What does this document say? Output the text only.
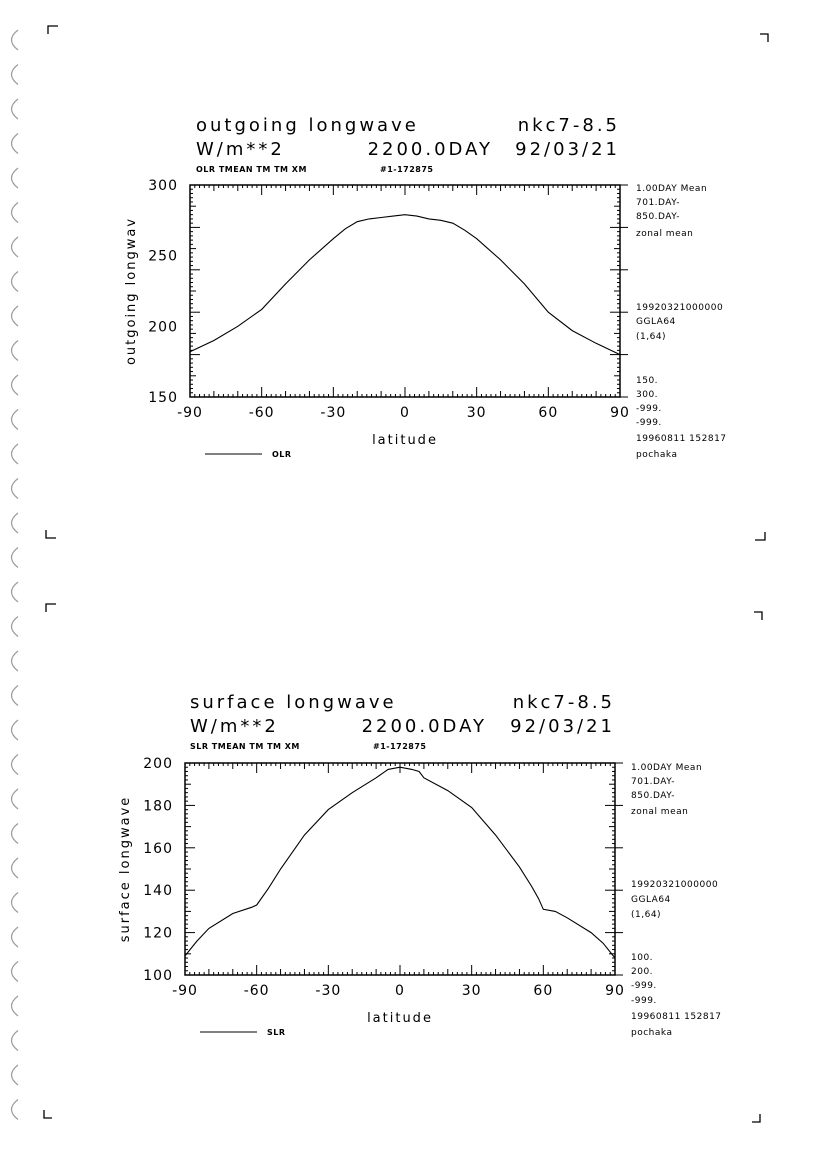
outgoing longwave	nkc7-8.5
W/m**2	2200.0DAY 92/03/21
OLR TMEAN TM TM XM	#1-172875
-90	-60	-30	0	30	60	90
150
200
250
300
latitude
outgoing longwav
1.00DAY Mean
701.DAY-
850.DAY-
zonal mean
19920321000000
GGLA64
(1,64)
150.
300.
-999.
-999.
19960811 152817
pochaka
OLR
surface longwave	nkc7-8.5
W/m**2	2200.0DAY 92/03/21
SLR TMEAN TM TM XM	#1-172875
-90	-60	-30	0	30	60	90
100
120
140
160
180
200
latitude
surface longwave
1.00DAY Mean
701.DAY-
850.DAY-
zonal mean
19920321000000
GGLA64
(1,64)
100.
200.
-999.
-999.
19960811 152817
pochaka
SLR
